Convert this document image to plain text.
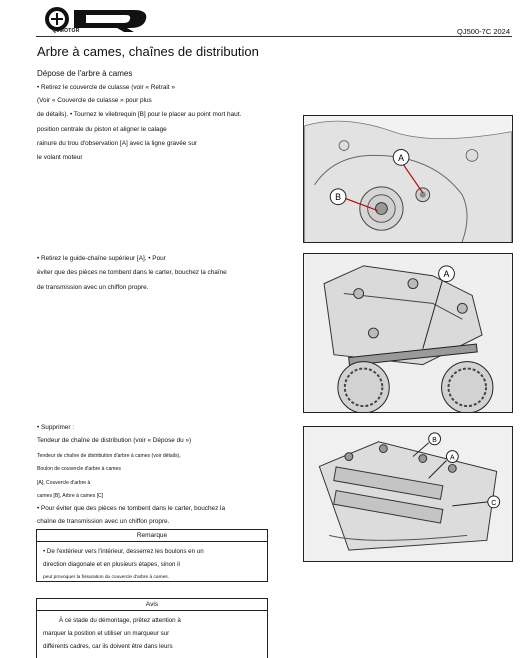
QJMOTOR	QJ500-7C 2024
Arbre à cames, chaînes de distribution
Dépose de l'arbre à cames
• Retirez le couvercle de culasse (voir « Retrait »
(Voir « Couvercle de culasse » pour plus
de détails). • Tournez le vilebrequin [B] pour le placer au point mort haut.
position centrale du piston et aligner le calage
rainure du trou d'observation [A] avec la ligne gravée sur
le volant moteur	A
B
• Retirez le guide-chaîne supérieur [A]. • Pour
éviter que des pièces ne tombent dans le carter, bouchez la chaîne
de transmission avec un chiffon propre.
A
• Supprimer :
Tendeur de chaîne de distribution (voir « Dépose du »)
Tendeur de chaîne de distribution d'arbre à cames (voir détails),
Boulon de couvercle d'arbre à cames
[A], Couvercle d'arbre à
cames [B], Arbre à cames [C]
• Pour éviter que des pièces ne tombent dans le carter, bouchez la
chaîne de transmission avec un chiffon propre.
B
A
C
Remarque
• De l'extérieur vers l'intérieur, desserrez les boulons en un
direction diagonale et en plusieurs étapes, sinon il
peut provoquer la fissuration du couvercle d'arbre à cames.
Avis
À ce stade du démontage, prêtez attention à
marquer la position et utiliser un marqueur sur
différents cadres, car ils doivent être dans leurs
